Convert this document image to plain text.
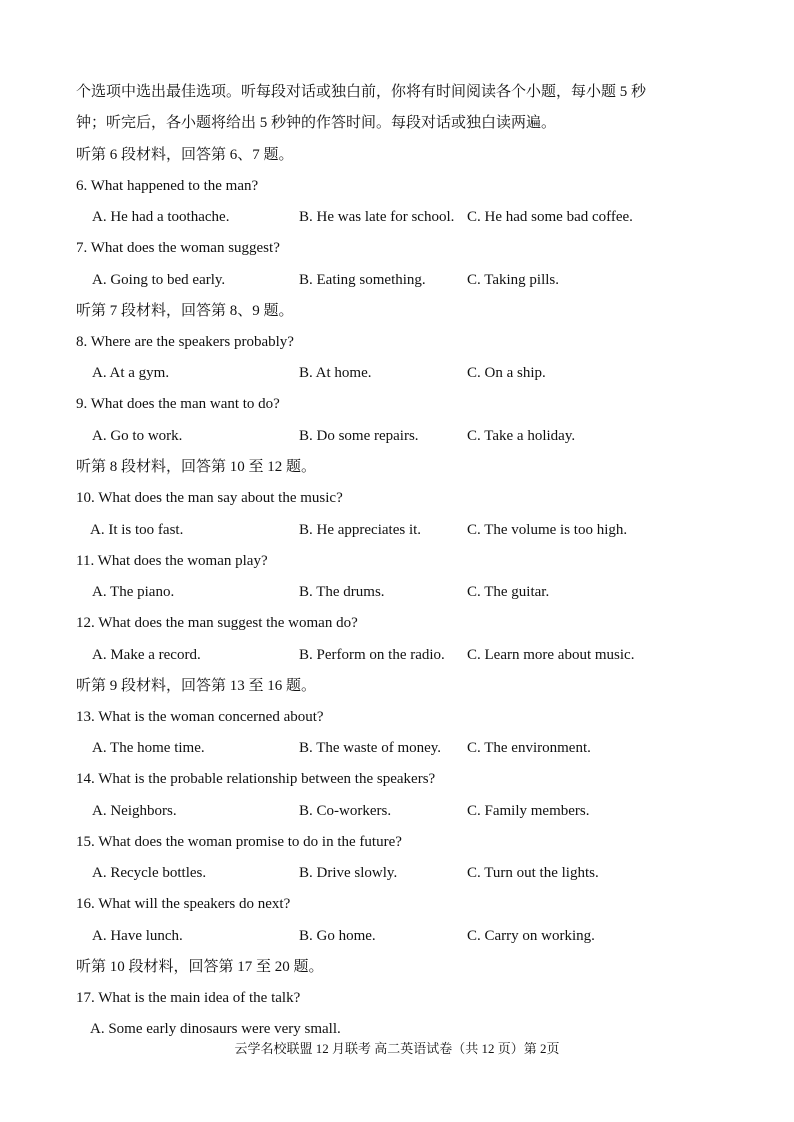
个选项中选出最佳选项。听每段对话或独白前，你将有时间阅读各个小题，每小题 5 秒
钟；听完后，各小题将给出 5 秒钟的作答时间。每段对话或独白读两遍。
听第 6 段材料，回答第 6、7 题。
6. What happened to the man?
A. He had a toothache.	B. He was late for school. C. He had some bad coffee.
7. What does the woman suggest?
A. Going to bed early.	B. Eating something.	C. Taking pills.
听第 7 段材料，回答第 8、9 题。
8. Where are the speakers probably?
A. At a gym.	B. At home.	C. On a ship.
9. What does the man want to do?
A. Go to work.	B. Do some repairs.	C. Take a holiday.
听第 8 段材料，回答第 10 至 12 题。
10. What does the man say about the music?
A. It is too fast.	B. He appreciates it.	C. The volume is too high.
11. What does the woman play?
A. The piano.	B. The drums.	C. The guitar.
12. What does the man suggest the woman do?
A. Make a record.	B. Perform on the radio. C. Learn more about music.
听第 9 段材料，回答第 13 至 16 题。
13. What is the woman concerned about?
A. The home time.	B. The waste of money. C. The environment.
14. What is the probable relationship between the speakers?
A. Neighbors.	B. Co-workers.	C. Family members.
15. What does the woman promise to do in the future?
A. Recycle bottles.	B. Drive slowly.	C. Turn out the lights.
16. What will the speakers do next?
A. Have lunch.	B. Go home.	C. Carry on working.
听第 10 段材料，回答第 17 至 20 题。
17. What is the main idea of the talk?
A. Some early dinosaurs were very small.
云学名校联盟 12 月联考 高二英语试卷（共 12 页）第 2页
